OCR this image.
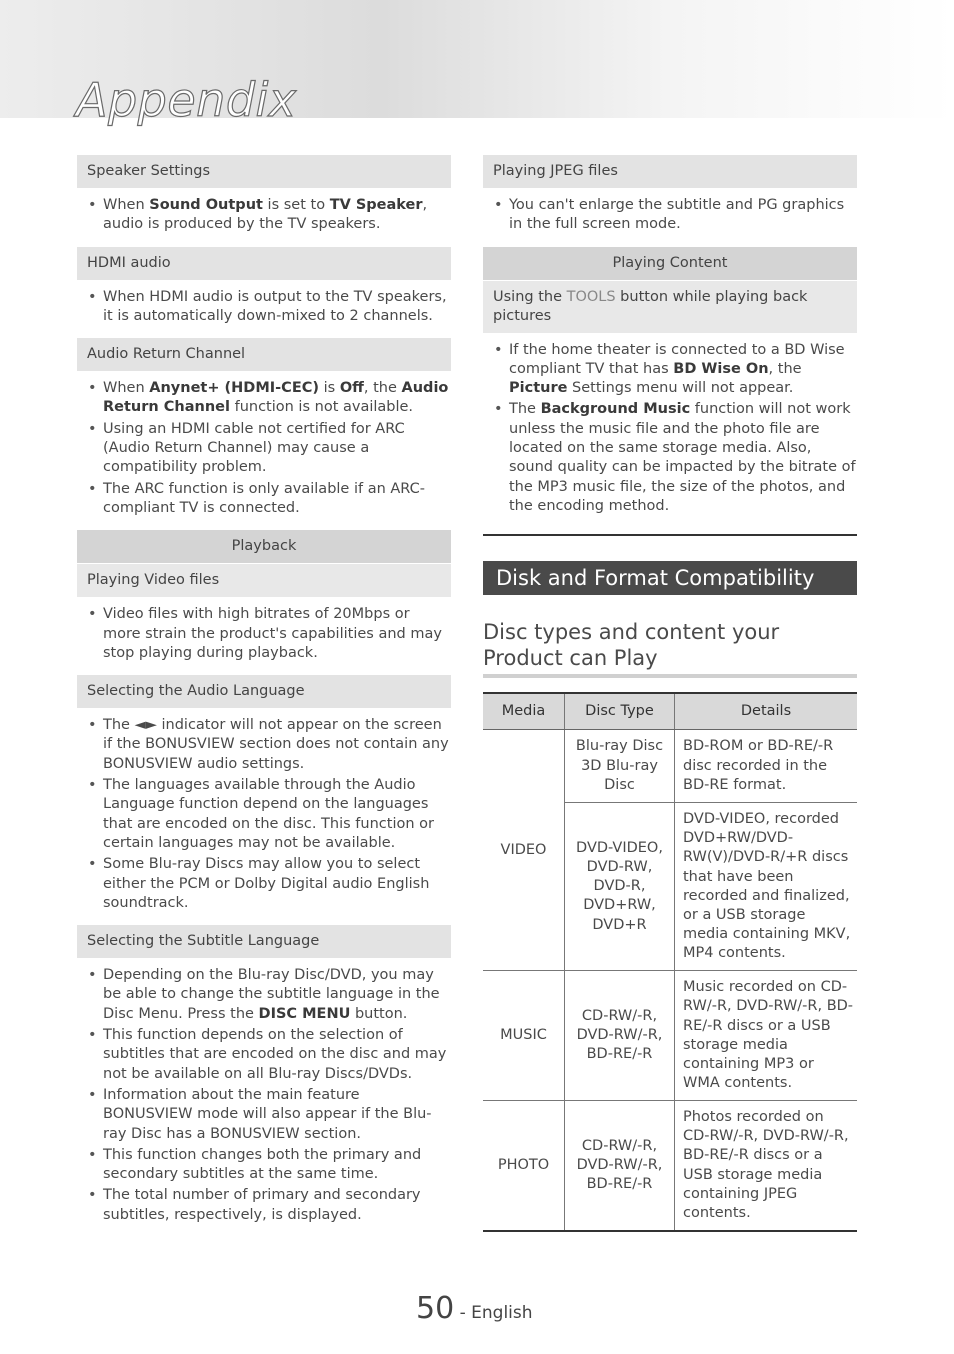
Appendix
Speaker Settings
• When Sound Output is set to TV Speaker, audio is produced by the TV speakers.
HDMI audio
• When HDMI audio is output to the TV speakers, it is automatically down-mixed to 2 channels.
Audio Return Channel
• When Anynet+ (HDMI-CEC) is Off, the Audio Return Channel function is not available.
• Using an HDMI cable not certified for ARC (Audio Return Channel) may cause a compatibility problem.
• The ARC function is only available if an ARC-compliant TV is connected.
Playback
Playing Video files
• Video files with high bitrates of 20Mbps or more strain the product's capabilities and may stop playing during playback.
Selecting the Audio Language
• The ◄► indicator will not appear on the screen if the BONUSVIEW section does not contain any BONUSVIEW audio settings.
• The languages available through the Audio Language function depend on the languages that are encoded on the disc. This function or certain languages may not be available.
• Some Blu-ray Discs may allow you to select either the PCM or Dolby Digital audio English soundtrack.
Selecting the Subtitle Language
• Depending on the Blu-ray Disc/DVD, you may be able to change the subtitle language in the Disc Menu. Press the DISC MENU button.
• This function depends on the selection of subtitles that are encoded on the disc and may not be available on all Blu-ray Discs/DVDs.
• Information about the main feature BONUSVIEW mode will also appear if the Blu-ray Disc has a BONUSVIEW section.
• This function changes both the primary and secondary subtitles at the same time.
• The total number of primary and secondary subtitles, respectively, is displayed.
Playing JPEG files
• You can't enlarge the subtitle and PG graphics in the full screen mode.
Playing Content
Using the TOOLS button while playing back pictures
• If the home theater is connected to a BD Wise compliant TV that has BD Wise On, the Picture Settings menu will not appear.
• The Background Music function will not work unless the music file and the photo file are located on the same storage media. Also, sound quality can be impacted by the bitrate of the MP3 music file, the size of the photos, and the encoding method.
Disk and Format Compatibility
Disc types and content your Product can Play
Media	Disc Type	Details
VIDEO	Blu-ray Disc 3D Blu-ray Disc	BD-ROM or BD-RE/-R disc recorded in the BD-RE format.
	DVD-VIDEO, DVD-RW, DVD-R, DVD+RW, DVD+R	DVD-VIDEO, recorded DVD+RW/DVD-RW(V)/DVD-R/+R discs that have been recorded and finalized, or a USB storage media containing MKV, MP4 contents.
MUSIC	CD-RW/-R, DVD-RW/-R, BD-RE/-R	Music recorded on CD-RW/-R, DVD-RW/-R, BD-RE/-R discs or a USB storage media containing MP3 or WMA contents.
PHOTO	CD-RW/-R, DVD-RW/-R, BD-RE/-R	Photos recorded on CD-RW/-R, DVD-RW/-R, BD-RE/-R discs or a USB storage media containing JPEG contents.
50 - English
